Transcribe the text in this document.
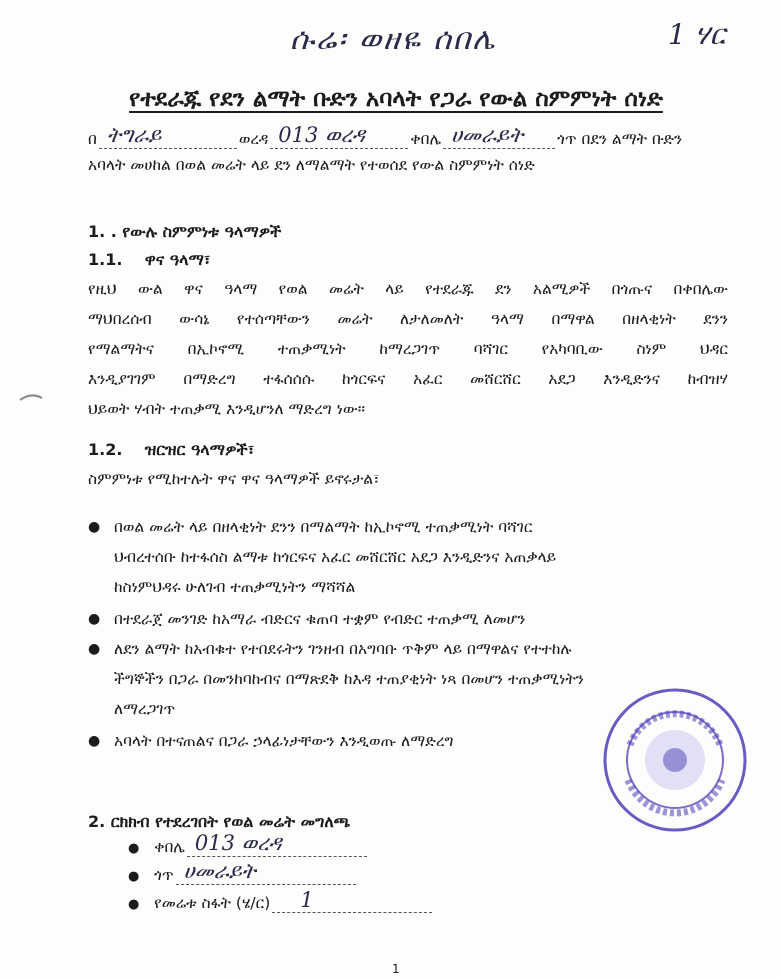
ሱሬ፡ ወዘዬ ሰበሌ	1 ሃር
የተደራጁ የደን ልማት ቡድን አባላት የጋራ የውል ስምምነት ሰነድ
በ ትግራይ	ወረዳ 013 ወረዳ	ቀበሌ ሀመራይት ጎጥ በደን ልማት ቡድን
አባላት መሀከል በወል መሬት ላይ ደን ለማልማት የተወሰደ የውል ስምምነት ሰነድ
1. . የውሉ ስምምነቱ ዓላማዎች
1.1. ዋና ዓላማ፣
የዚህ ውል ዋና ዓላማ የወል መሬት ላይ የተደራጁ ደን አልሚዎች በጎጡና በቀበሌው
ማህበረሰብ ውሳኔ የተሰጣቸውን መሬት ለታለመለት ዓላማ በማዋል በዘላቂነት ደንን
የማልማትና በኢኮኖሚ ተጠቃሚነት ከማረጋገጥ ባሻገር የአካባቢው ስነም ህዳር
እንዲያገገም በማድረግ ተፋሰሰሱ ከጎርፍና አፈር መሸርሸር አደጋ እንዲድንና ከብዝሃ
ህይወት ሃብት ተጠቃሚ እንዲሆንለ ማድረግ ነው፡፡
1.2. ዝርዝር ዓላማዎች፣
ስምምነቱ የሚከተሉት ዋና ዋና ዓላማዎች ይኖሩታል፣
● በወል መሬት ላይ በዘላቂነት ደንን በማልማት ከኢኮኖሚ ተጠቃሚነት ባሻገር
ህብረተሰቡ ከተፋሰስ ልማቱ ከጎርፍና አፈር መሸርሸር አደጋ እንዲድንና አጠቃላይ
ከስነምህዳሩ ሁለገብ ተጠቃሚነትን ማሻሻል
● በተደራጀ መንገድ ከአማራ ብድርና ቁጠባ ተቋም የብድር ተጠቃሚ ለመሆን
● ለደን ልማት ከአብቁተ የተበደሩትን ገንዘብ በአግባቡ ጥቅም ላይ በማዋልና የተተከሉ
ችግኞችን በጋራ በመንከባከብና በማጽደቅ ከእዳ ተጠያቂነት ነጻ በመሆን ተጠቃሚነትን
ለማረጋገጥ
● አባላት በተናጠልና በጋራ ኃላፊነታቸውን እንዲወጡ ለማድረግ
2. ርክክብ የተደረገበት የወል መሬት መግለጫ
● ቀበሌ 013 ወረዳ

● ጎጥ ሀመራይት

● የመሬቱ ስፋት (ሄ/ር) 1

1
